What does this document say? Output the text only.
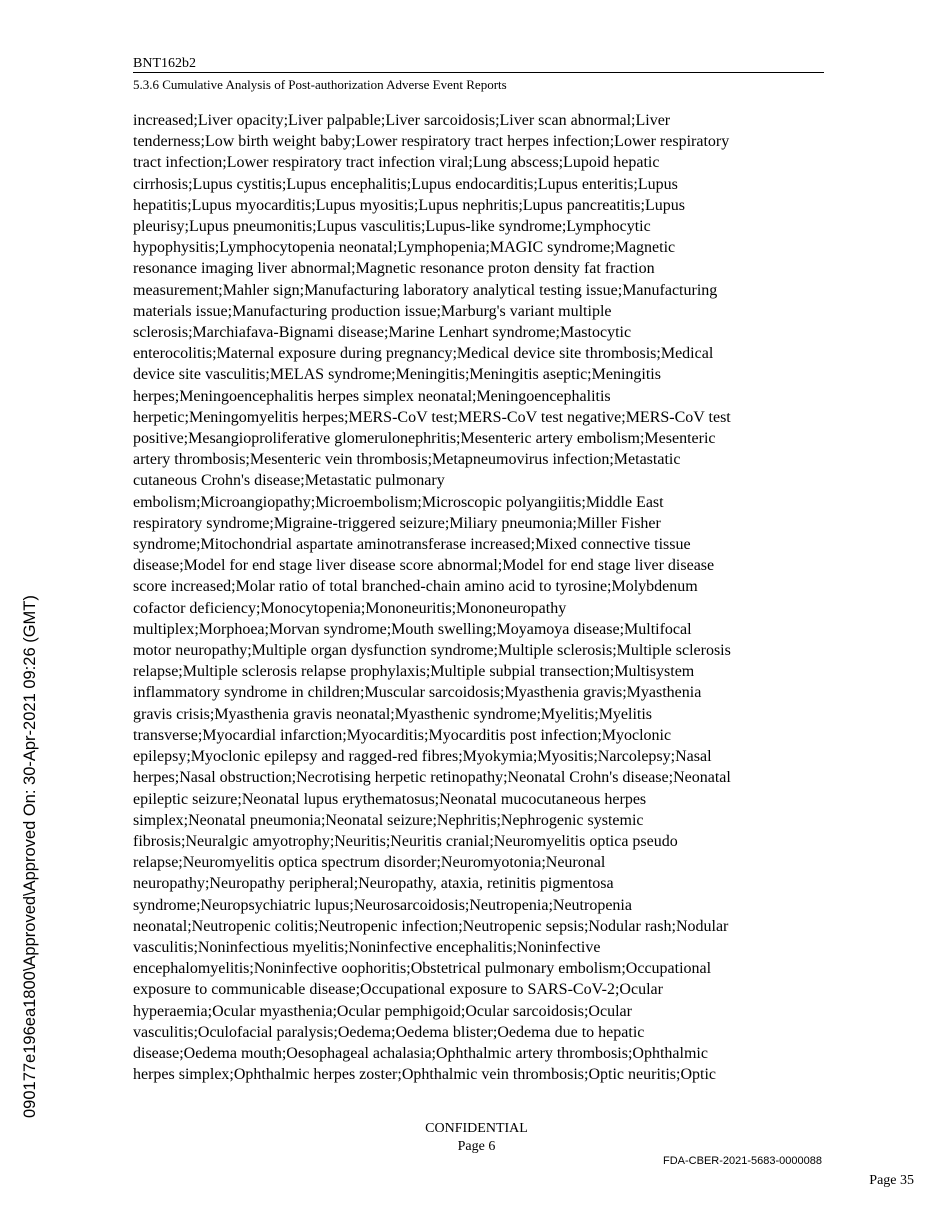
BNT162b2
5.3.6 Cumulative Analysis of Post-authorization Adverse Event Reports
increased;Liver opacity;Liver palpable;Liver sarcoidosis;Liver scan abnormal;Liver
tenderness;Low birth weight baby;Lower respiratory tract herpes infection;Lower respiratory
tract infection;Lower respiratory tract infection viral;Lung abscess;Lupoid hepatic
cirrhosis;Lupus cystitis;Lupus encephalitis;Lupus endocarditis;Lupus enteritis;Lupus
hepatitis;Lupus myocarditis;Lupus myositis;Lupus nephritis;Lupus pancreatitis;Lupus
pleurisy;Lupus pneumonitis;Lupus vasculitis;Lupus-like syndrome;Lymphocytic
hypophysitis;Lymphocytopenia neonatal;Lymphopenia;MAGIC syndrome;Magnetic
resonance imaging liver abnormal;Magnetic resonance proton density fat fraction
measurement;Mahler sign;Manufacturing laboratory analytical testing issue;Manufacturing
materials issue;Manufacturing production issue;Marburg's variant multiple
sclerosis;Marchiafava-Bignami disease;Marine Lenhart syndrome;Mastocytic
enterocolitis;Maternal exposure during pregnancy;Medical device site thrombosis;Medical
device site vasculitis;MELAS syndrome;Meningitis;Meningitis aseptic;Meningitis
herpes;Meningoencephalitis herpes simplex neonatal;Meningoencephalitis
herpetic;Meningomyelitis herpes;MERS-CoV test;MERS-CoV test negative;MERS-CoV test
positive;Mesangioproliferative glomerulonephritis;Mesenteric artery embolism;Mesenteric
artery thrombosis;Mesenteric vein thrombosis;Metapneumovirus infection;Metastatic
cutaneous Crohn's disease;Metastatic pulmonary
embolism;Microangiopathy;Microembolism;Microscopic polyangiitis;Middle East
respiratory syndrome;Migraine-triggered seizure;Miliary pneumonia;Miller Fisher
syndrome;Mitochondrial aspartate aminotransferase increased;Mixed connective tissue
disease;Model for end stage liver disease score abnormal;Model for end stage liver disease
score increased;Molar ratio of total branched-chain amino acid to tyrosine;Molybdenum
cofactor deficiency;Monocytopenia;Mononeuritis;Mononeuropathy
multiplex;Morphoea;Morvan syndrome;Mouth swelling;Moyamoya disease;Multifocal
motor neuropathy;Multiple organ dysfunction syndrome;Multiple sclerosis;Multiple sclerosis
relapse;Multiple sclerosis relapse prophylaxis;Multiple subpial transection;Multisystem
inflammatory syndrome in children;Muscular sarcoidosis;Myasthenia gravis;Myasthenia
gravis crisis;Myasthenia gravis neonatal;Myasthenic syndrome;Myelitis;Myelitis
transverse;Myocardial infarction;Myocarditis;Myocarditis post infection;Myoclonic
epilepsy;Myoclonic epilepsy and ragged-red fibres;Myokymia;Myositis;Narcolepsy;Nasal
herpes;Nasal obstruction;Necrotising herpetic retinopathy;Neonatal Crohn's disease;Neonatal
epileptic seizure;Neonatal lupus erythematosus;Neonatal mucocutaneous herpes
simplex;Neonatal pneumonia;Neonatal seizure;Nephritis;Nephrogenic systemic
fibrosis;Neuralgic amyotrophy;Neuritis;Neuritis cranial;Neuromyelitis optica pseudo
relapse;Neuromyelitis optica spectrum disorder;Neuromyotonia;Neuronal
neuropathy;Neuropathy peripheral;Neuropathy, ataxia, retinitis pigmentosa
syndrome;Neuropsychiatric lupus;Neurosarcoidosis;Neutropenia;Neutropenia
neonatal;Neutropenic colitis;Neutropenic infection;Neutropenic sepsis;Nodular rash;Nodular
vasculitis;Noninfectious myelitis;Noninfective encephalitis;Noninfective
encephalomyelitis;Noninfective oophoritis;Obstetrical pulmonary embolism;Occupational
exposure to communicable disease;Occupational exposure to SARS-CoV-2;Ocular
hyperaemia;Ocular myasthenia;Ocular pemphigoid;Ocular sarcoidosis;Ocular
vasculitis;Oculofacial paralysis;Oedema;Oedema blister;Oedema due to hepatic
disease;Oedema mouth;Oesophageal achalasia;Ophthalmic artery thrombosis;Ophthalmic
herpes simplex;Ophthalmic herpes zoster;Ophthalmic vein thrombosis;Optic neuritis;Optic
CONFIDENTIAL
Page 6
FDA-CBER-2021-5683-0000088
Page 35
090177e196ea1800\Approved\Approved On: 30-Apr-2021 09:26 (GMT)
